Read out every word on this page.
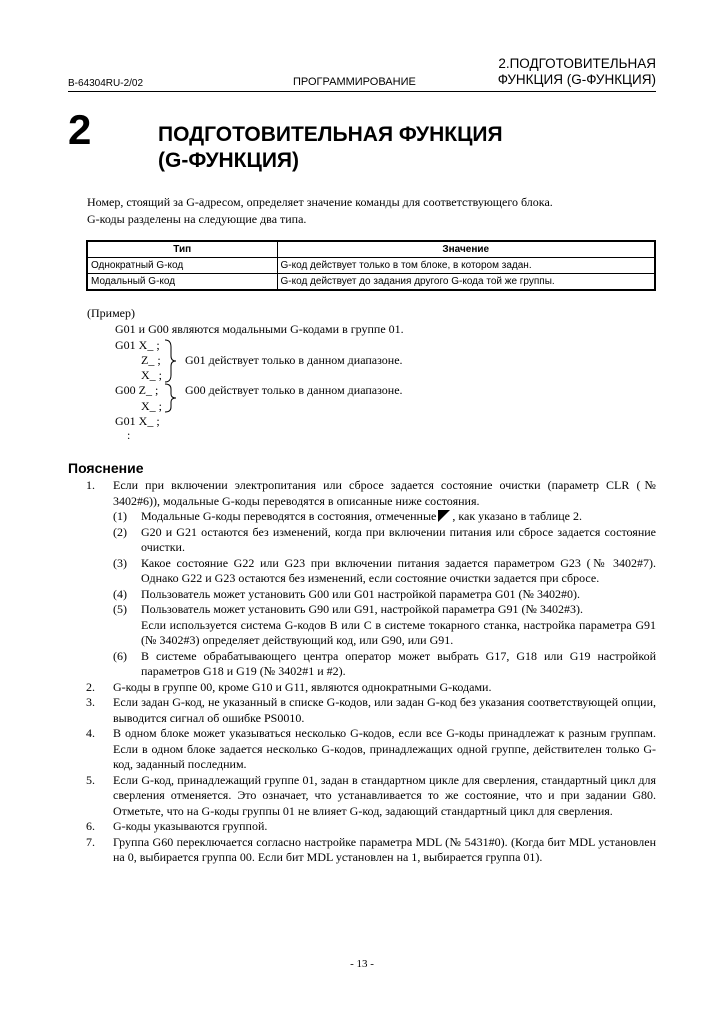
B-64304RU-2/02	ПРОГРАММИРОВАНИЕ
2.ПОДГОТОВИТЕЛЬНАЯ
ФУНКЦИЯ (G-ФУНКЦИЯ)
2	ПОДГОТОВИТЕЛЬНАЯ ФУНКЦИЯ
(G-ФУНКЦИЯ)
Номер, стоящий за G-адресом, определяет значение команды для соответствующего блока.
G-коды разделены на следующие два типа.
Тип	Значение
Однократный G-код	G-код действует только в том блоке, в котором задан.
Модальный G-код	G-код действует до задания другого G-кода той же группы.
(Пример)
G01 и G00 являются модальными G-кодами в группе 01.
G01 X_ ;
Z_ ;
X_ ;
G00 Z_ ;
X_ ;
G01 X_ ;
:
G01 действует только в данном диапазоне.
G00 действует только в данном диапазоне.
Пояснение
1. Если при включении электропитания или сбросе задается состояние очистки (параметр CLR (№ 3402#6)), модальные G-коды переводятся в описанные ниже состояния.
(1) Модальные G-коды переводятся в состояния, отмеченные , как указано в таблице 2.
(2) G20 и G21 остаются без изменений, когда при включении питания или сбросе задается состояние очистки.
(3) Какое состояние G22 или G23 при включении питания задается параметром G23 (№ 3402#7). Однако G22 и G23 остаются без изменений, если состояние очистки задается при сбросе.
(4) Пользователь может установить G00 или G01 настройкой параметра G01 (№ 3402#0).
(5) Пользователь может установить G90 или G91, настройкой параметра G91 (№ 3402#3).
Если используется система G-кодов B или C в системе токарного станка, настройка параметра G91 (№ 3402#3) определяет действующий код, или G90, или G91.
(6) В системе обрабатывающего центра оператор может выбрать G17, G18 или G19 настройкой параметров G18 и G19 (№ 3402#1 и #2).
2. G-коды в группе 00, кроме G10 и G11, являются однократными G-кодами.
3. Если задан G-код, не указанный в списке G-кодов, или задан G-код без указания соответствующей опции, выводится сигнал об ошибке PS0010.
4. В одном блоке может указываться несколько G-кодов, если все G-коды принадлежат к разным группам. Если в одном блоке задается несколько G-кодов, принадлежащих одной группе, действителен только G-код, заданный последним.
5. Если G-код, принадлежащий группе 01, задан в стандартном цикле для сверления, стандартный цикл для сверления отменяется. Это означает, что устанавливается то же состояние, что и при задании G80. Отметьте, что на G-коды группы 01 не влияет G-код, задающий стандартный цикл для сверления.
6. G-коды указываются группой.
7. Группа G60 переключается согласно настройке параметра MDL (№ 5431#0). (Когда бит MDL установлен на 0, выбирается группа 00. Если бит MDL установлен на 1, выбирается группа 01).
- 13 -
